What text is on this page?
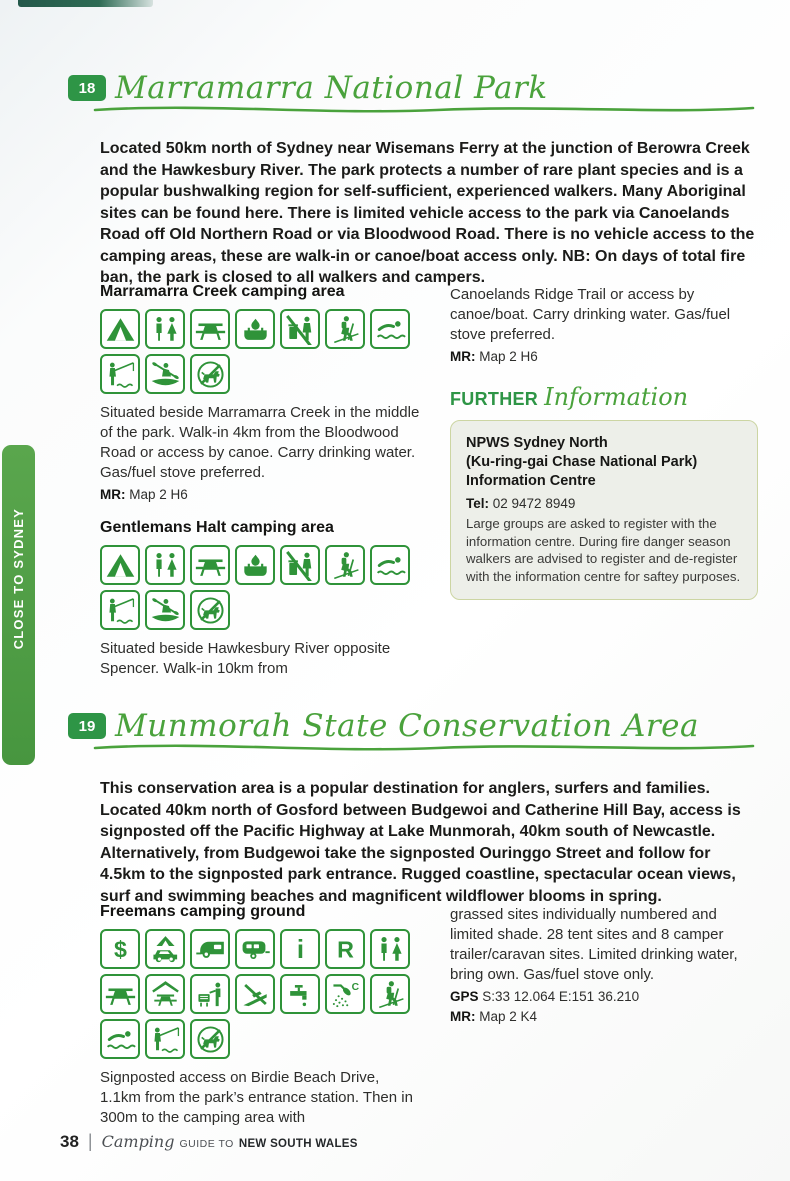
CLOSE TO SYDNEY
18 Marramarra National Park

Located 50km north of Sydney near Wisemans Ferry at the junction of Berowra Creek and the Hawkesbury River. The park protects a number of rare plant species and is a popular bushwalking region for self-sufficient, experienced walkers. Many Aboriginal sites can be found here. There is limited vehicle access to the park via Canoelands Road off Old Northern Road or via Bloodwood Road. There is no vehicle access to the camping areas, these are walk-in or canoe/boat access only. NB: On days of total fire ban, the park is closed to all walkers and campers.

Marramarra Creek camping area

Situated beside Marramarra Creek in the middle of the park. Walk-in 4km from the Bloodwood Road or access by canoe. Carry drinking water. Gas/fuel stove preferred.

MR: Map 2 H6

Gentlemans Halt camping area

Situated beside Hawkesbury River opposite Spencer. Walk-in 10km from

Canoelands Ridge Trail or access by canoe/boat. Carry drinking water. Gas/fuel stove preferred.

MR: Map 2 H6

FURTHER Information
NPWS Sydney North
(Ku-ring-gai Chase National Park)
Information Centre
Tel: 02 9472 8949
Large groups are asked to register with the information centre. During fire danger season walkers are advised to register and de-register with the information centre for saftey purposes.
19 Munmorah State Conservation Area

This conservation area is a popular destination for anglers, surfers and families. Located 40km north of Gosford between Budgewoi and Catherine Hill Bay, access is signposted off the Pacific Highway at Lake Munmorah, 40km south of Newcastle. Alternatively, from Budgewoi take the signposted Ouringgo Street and follow for 4.5km to the signposted park entrance. Rugged coastline, spectacular ocean views, surf and swimming beaches and magnificent wildflower blooms in spring.

Freemans camping ground

Signposted access on Birdie Beach Drive, 1.1km from the park’s entrance station. Then in 300m to the camping area with

grassed sites individually numbered and limited shade. 28 tent sites and 8 camper trailer/caravan sites. Limited drinking water, bring own. Gas/fuel stove only.

GPS S:33 12.064 E:151 36.210

MR: Map 2 K4

38 | Camping GUIDE TO NEW SOUTH WALES
